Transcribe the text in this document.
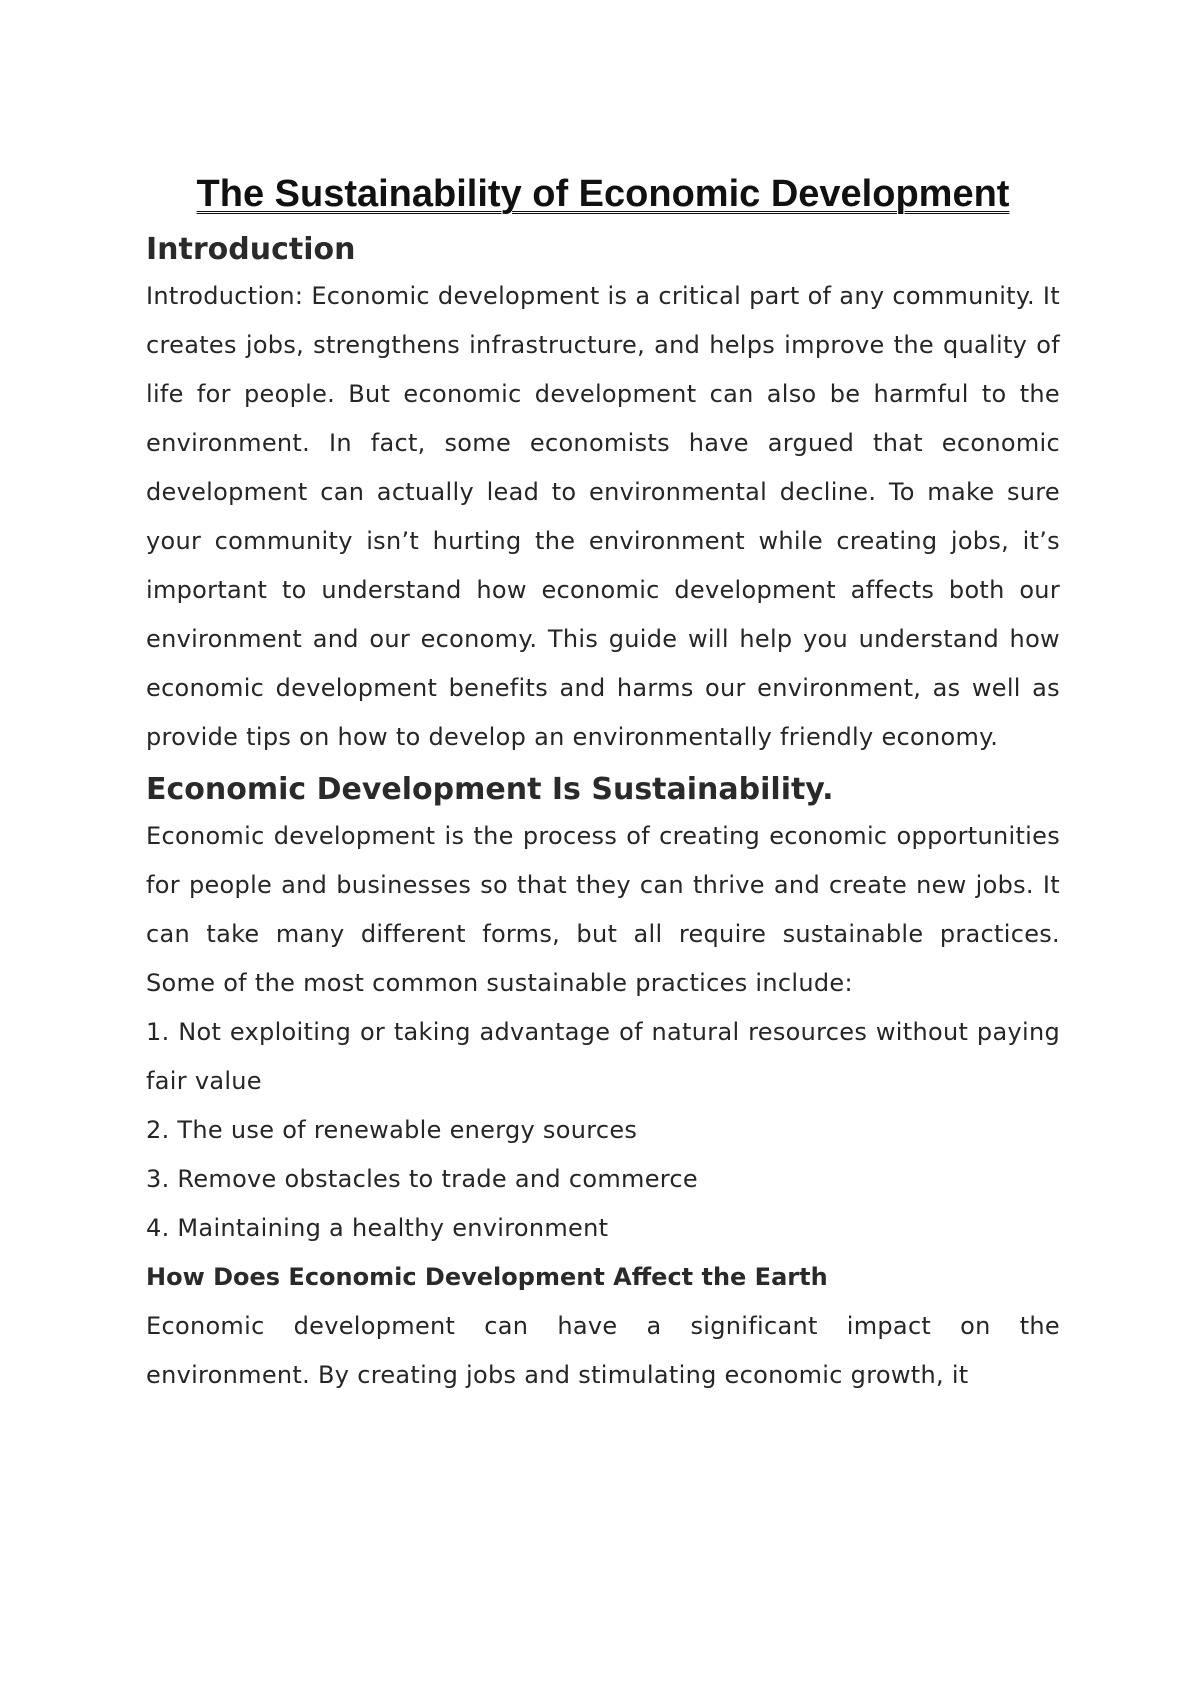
The Sustainability of Economic Development
Introduction

Introduction: Economic development is a critical part of any community. It creates jobs, strengthens infrastructure, and helps improve the quality of life for people. But economic development can also be harmful to the environment. In fact, some economists have argued that economic development can actually lead to environmental decline. To make sure your community isn’t hurting the environment while creating jobs, it’s important to understand how economic development affects both our environment and our economy. This guide will help you understand how economic development benefits and harms our environment, as well as provide tips on how to develop an environmentally friendly economy.

Economic Development Is Sustainability.

Economic development is the process of creating economic opportunities for people and businesses so that they can thrive and create new jobs. It can take many different forms, but all require sustainable practices. Some of the most common sustainable practices include:

1. Not exploiting or taking advantage of natural resources without paying fair value
2. The use of renewable energy sources
3. Remove obstacles to trade and commerce
4. Maintaining a healthy environment
How Does Economic Development Affect the Earth

Economic development can have a significant impact on the environment. By creating jobs and stimulating economic growth, it
